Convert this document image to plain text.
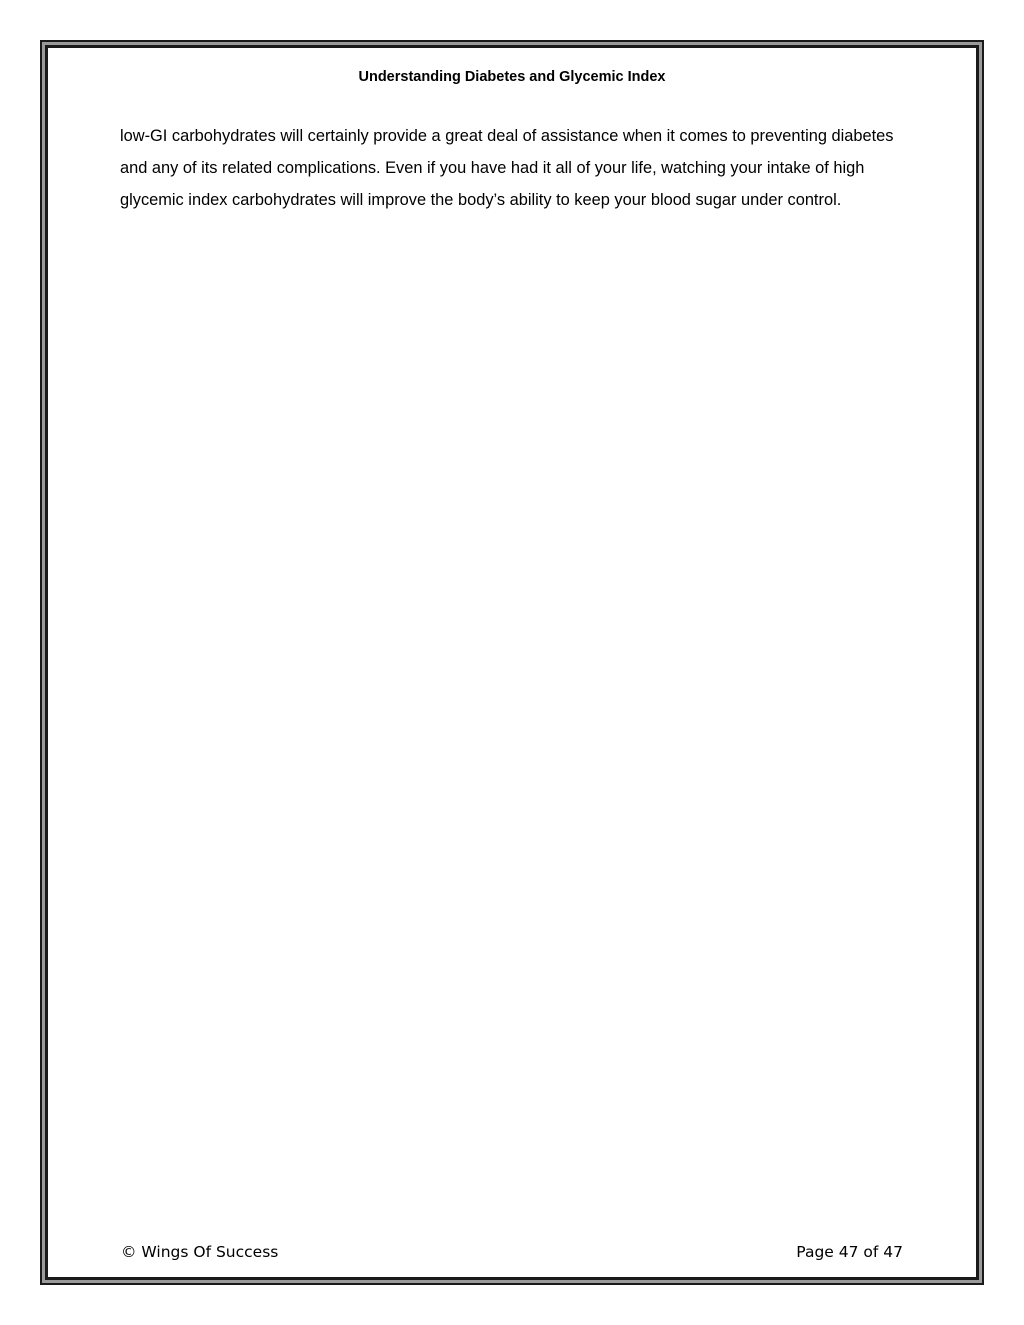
Understanding Diabetes and Glycemic Index

low-GI carbohydrates will certainly provide a great deal of assistance when it comes to preventing diabetes and any of its related complications. Even if you have had it all of your life, watching your intake of high glycemic index carbohydrates will improve the body’s ability to keep your blood sugar under control.

© Wings Of Success	Page 47 of 47
